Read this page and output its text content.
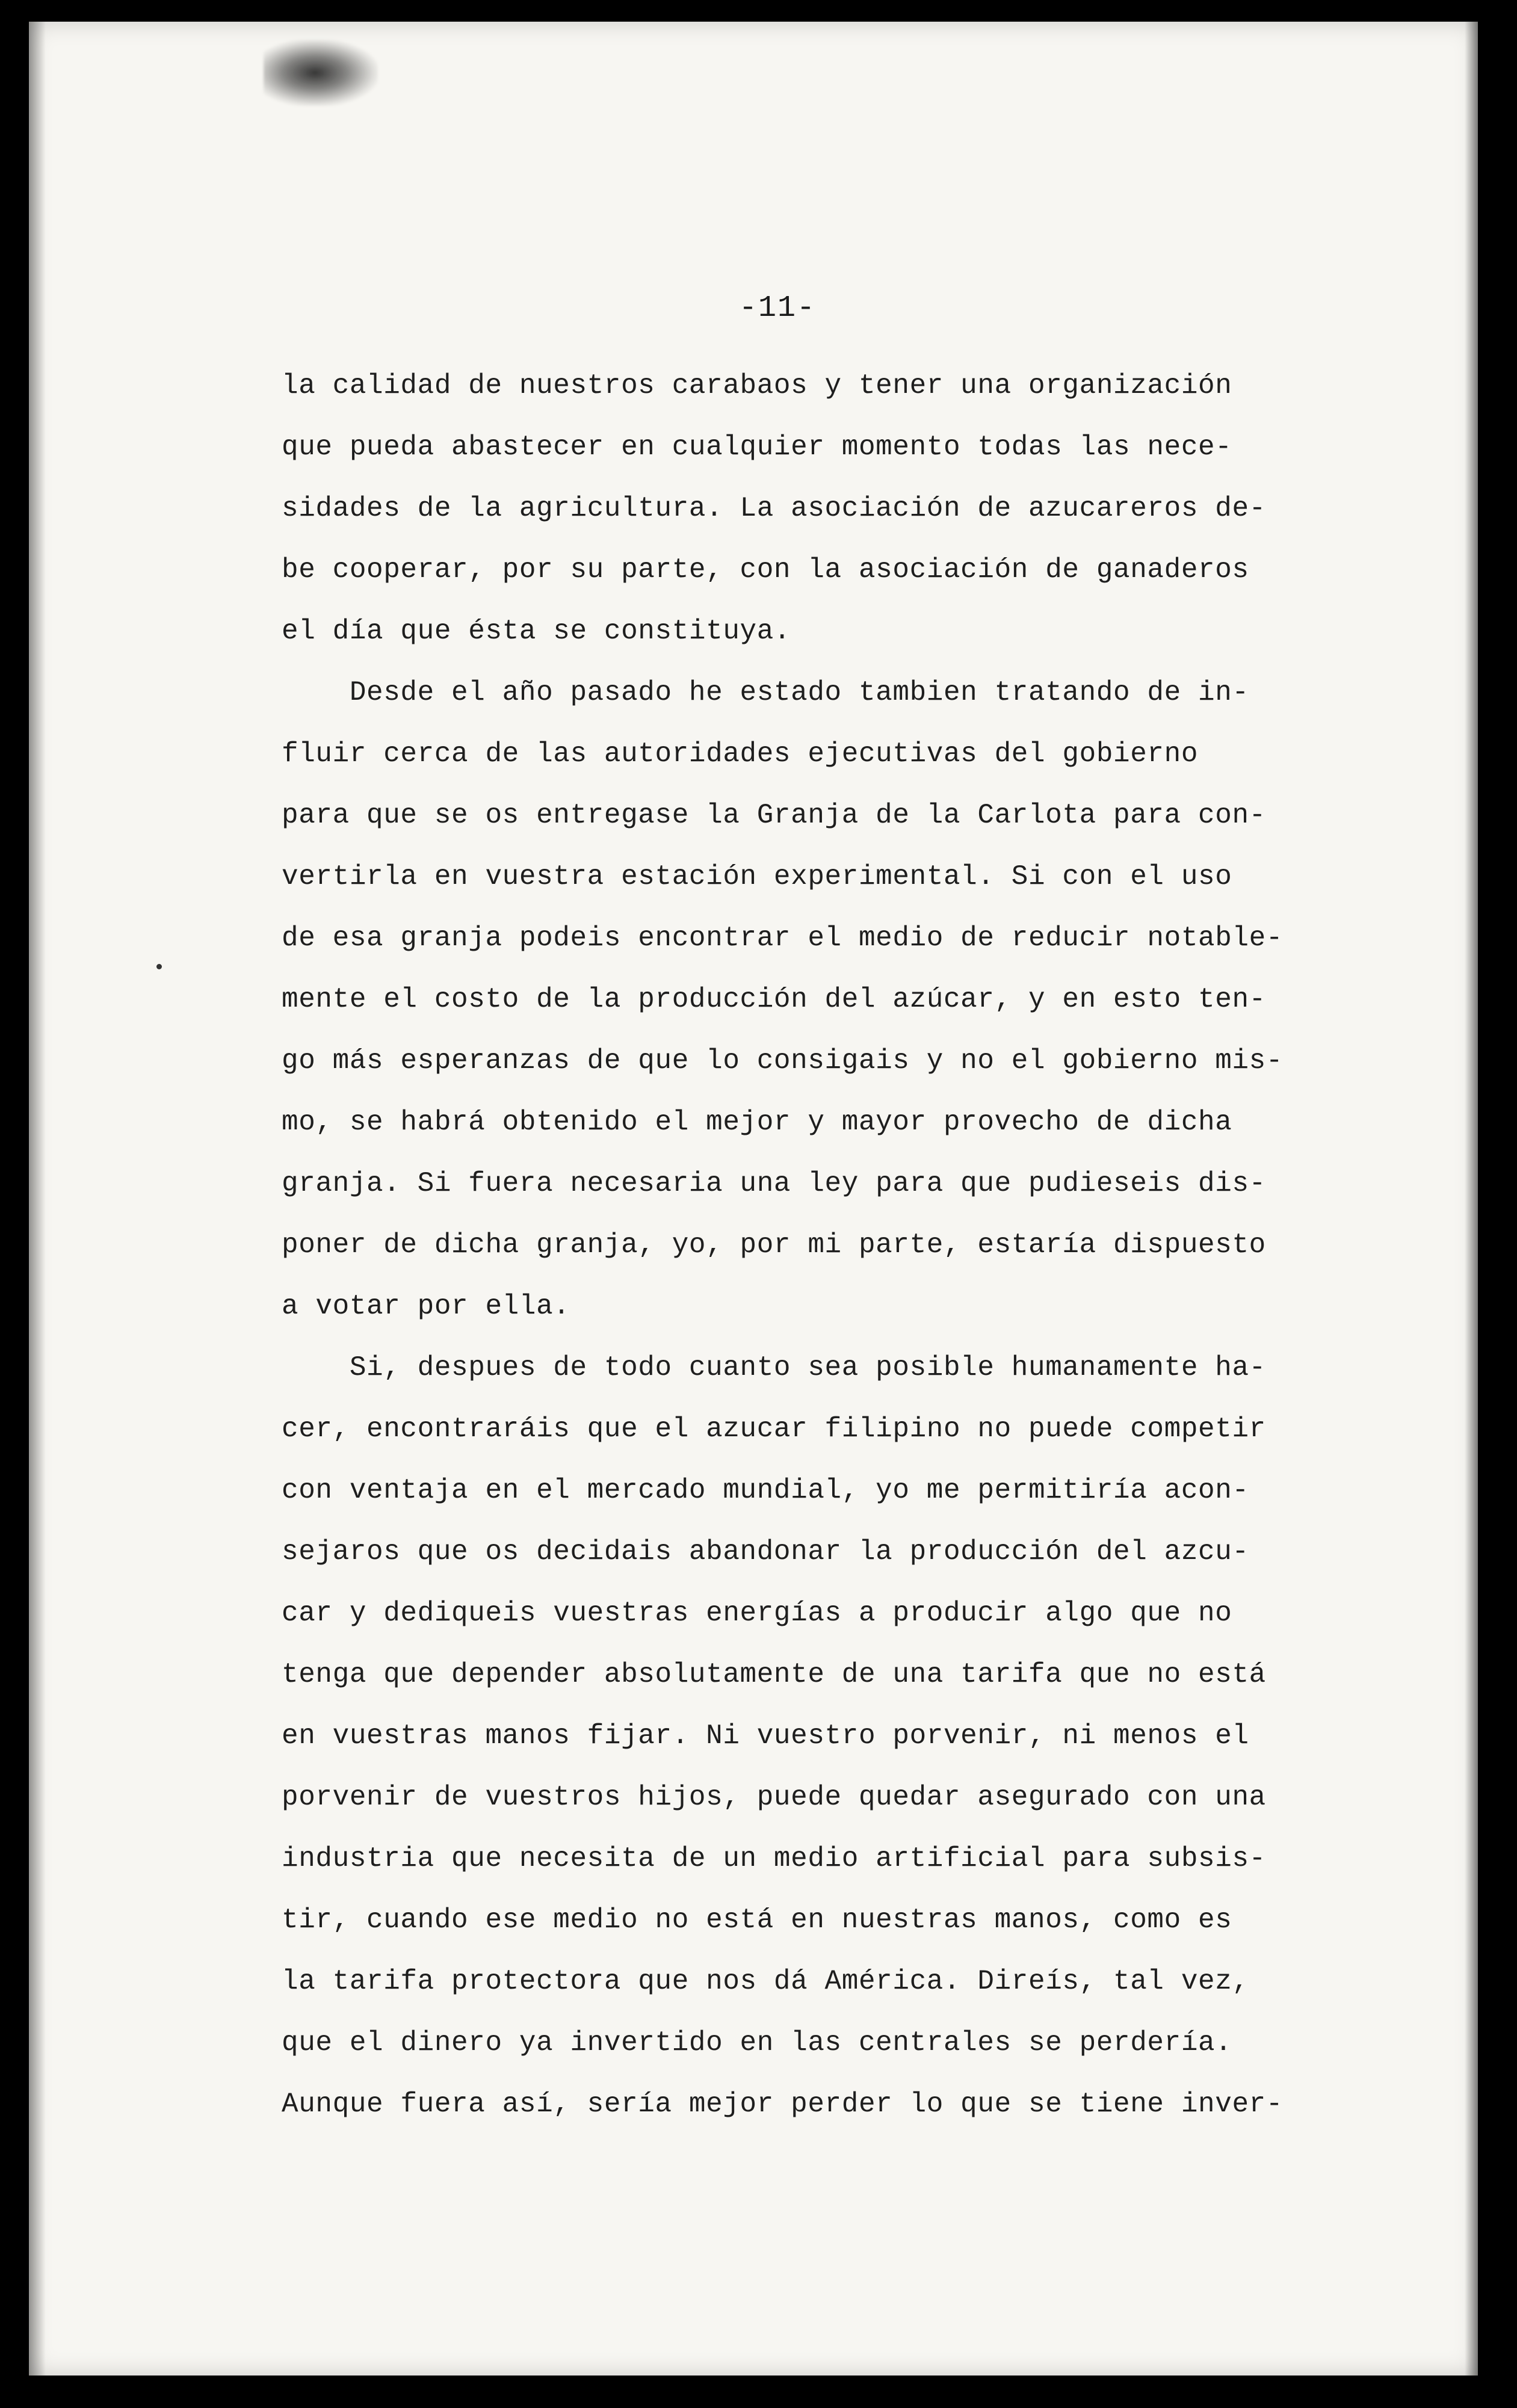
-11-
la calidad de nuestros carabaos y tener una organización
que pueda abastecer en cualquier momento todas las nece-
sidades de la agricultura. La asociación de azucareros de-
be cooperar, por su parte, con la asociación de ganaderos
el día que ésta se constituya.
Desde el año pasado he estado tambien tratando de in-
fluir cerca de las autoridades ejecutivas del gobierno
para que se os entregase la Granja de la Carlota para con-
vertirla en vuestra estación experimental. Si con el uso
de esa granja podeis encontrar el medio de reducir notable-
mente el costo de la producción del azúcar, y en esto ten-
go más esperanzas de que lo consigais y no el gobierno mis-
mo, se habrá obtenido el mejor y mayor provecho de dicha
granja. Si fuera necesaria una ley para que pudieseis dis-
poner de dicha granja, yo, por mi parte, estaría dispuesto
a votar por ella.
Si, despues de todo cuanto sea posible humanamente ha-
cer, encontraráis que el azucar filipino no puede competir
con ventaja en el mercado mundial, yo me permitiría acon-
sejaros que os decidais abandonar la producción del azcu-
car y dediqueis vuestras energías a producir algo que no
tenga que depender absolutamente de una tarifa que no está
en vuestras manos fijar. Ni vuestro porvenir, ni menos el
porvenir de vuestros hijos, puede quedar asegurado con una
industria que necesita de un medio artificial para subsis-
tir, cuando ese medio no está en nuestras manos, como es
la tarifa protectora que nos dá América. Direís, tal vez,
que el dinero ya invertido en las centrales se perdería.
Aunque fuera así, sería mejor perder lo que se tiene inver-
